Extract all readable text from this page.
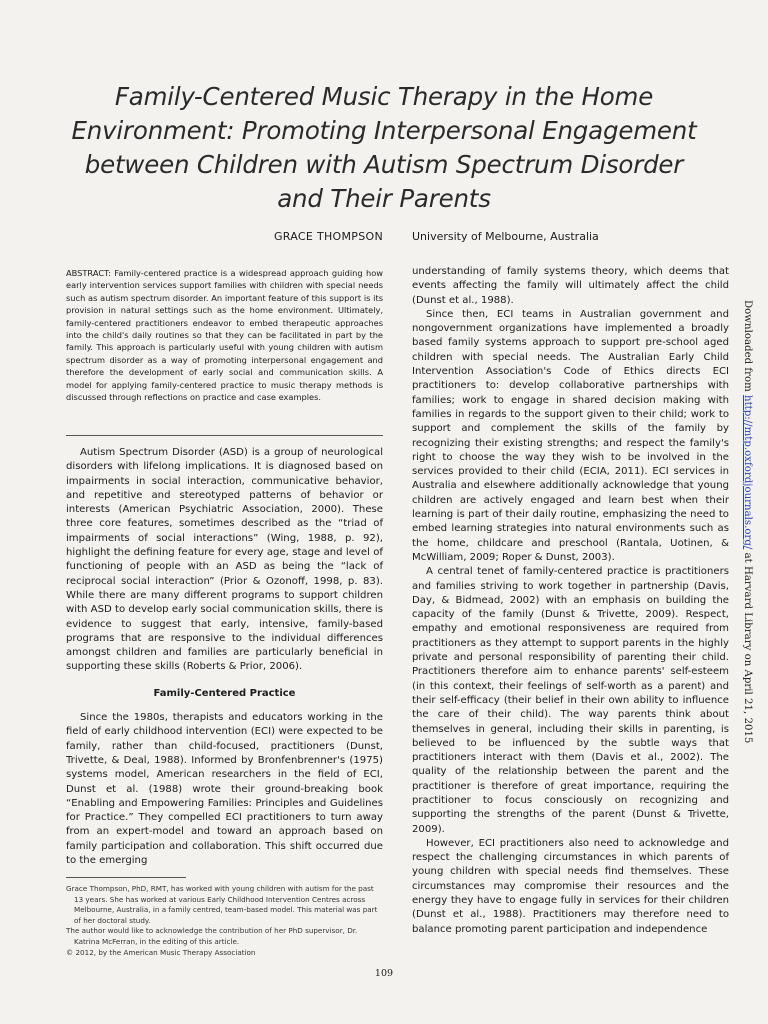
Family-Centered Music Therapy in the Home Environment: Promoting Interpersonal Engagement between Children with Autism Spectrum Disorder and Their Parents
GRACE THOMPSON	University of Melbourne, Australia

ABSTRACT: Family-centered practice is a widespread approach guiding how early intervention services support families with children with special needs such as autism spectrum disorder. An important feature of this support is its provision in natural settings such as the home environment. Ultimately, family-centered practitioners endeavor to embed therapeutic approaches into the child's daily routines so that they can be facilitated in part by the family. This approach is particularly useful with young children with autism spectrum disorder as a way of promoting interpersonal engagement and therefore the development of early social and communication skills. A model for applying family-centered practice to music therapy methods is discussed through reflections on practice and case examples.

Autism Spectrum Disorder (ASD) is a group of neurological disorders with lifelong implications. It is diagnosed based on impairments in social interaction, communicative behavior, and repetitive and stereotyped patterns of behavior or interests (American Psychiatric Association, 2000). These three core features, sometimes described as the “triad of impairments of social interactions” (Wing, 1988, p. 92), highlight the defining feature for every age, stage and level of functioning of people with an ASD as being the “lack of reciprocal social interaction” (Prior & Ozonoff, 1998, p. 83). While there are many different programs to support children with ASD to develop early social communication skills, there is evidence to suggest that early, intensive, family-based programs that are responsive to the individual differences amongst children and families are particularly beneficial in supporting these skills (Roberts & Prior, 2006).

Family-Centered Practice

Since the 1980s, therapists and educators working in the field of early childhood intervention (ECI) were expected to be family, rather than child-focused, practitioners (Dunst, Trivette, & Deal, 1988). Informed by Bronfenbrenner's (1975) systems model, American researchers in the field of ECI, Dunst et al. (1988) wrote their ground-breaking book “Enabling and Empowering Families: Principles and Guidelines for Practice.” They compelled ECI practitioners to turn away from an expert-model and toward an approach based on family participation and collaboration. This shift occurred due to the emerging

Grace Thompson, PhD, RMT, has worked with young children with autism for the past 13 years. She has worked at various Early Childhood Intervention Centres across Melbourne, Australia, in a family centred, team-based model. This material was part of her doctoral study.

The author would like to acknowledge the contribution of her PhD supervisor, Dr. Katrina McFerran, in the editing of this article.

© 2012, by the American Music Therapy Association

understanding of family systems theory, which deems that events affecting the family will ultimately affect the child (Dunst et al., 1988).

Since then, ECI teams in Australian government and nongovernment organizations have implemented a broadly based family systems approach to support pre-school aged children with special needs. The Australian Early Child Intervention Association's Code of Ethics directs ECI practitioners to: develop collaborative partnerships with families; work to engage in shared decision making with families in regards to the support given to their child; work to support and complement the skills of the family by recognizing their existing strengths; and respect the family's right to choose the way they wish to be involved in the services provided to their child (ECIA, 2011). ECI services in Australia and elsewhere additionally acknowledge that young children are actively engaged and learn best when their learning is part of their daily routine, emphasizing the need to embed learning strategies into natural environments such as the home, childcare and preschool (Rantala, Uotinen, & McWilliam, 2009; Roper & Dunst, 2003).

A central tenet of family-centered practice is practitioners and families striving to work together in partnership (Davis, Day, & Bidmead, 2002) with an emphasis on building the capacity of the family (Dunst & Trivette, 2009). Respect, empathy and emotional responsiveness are required from practitioners as they attempt to support parents in the highly private and personal responsibility of parenting their child. Practitioners therefore aim to enhance parents' self-esteem (in this context, their feelings of self-worth as a parent) and their self-efficacy (their belief in their own ability to influence the care of their child). The way parents think about themselves in general, including their skills in parenting, is believed to be influenced by the subtle ways that practitioners interact with them (Davis et al., 2002). The quality of the relationship between the parent and the practitioner is therefore of great importance, requiring the practitioner to focus consciously on recognizing and supporting the strengths of the parent (Dunst & Trivette, 2009).

However, ECI practitioners also need to acknowledge and respect the challenging circumstances in which parents of young children with special needs find themselves. These circumstances may compromise their resources and the energy they have to engage fully in services for their children (Dunst et al., 1988). Practitioners may therefore need to balance promoting parent participation and independence

109
Downloaded from http://mtp.oxfordjournals.org/ at Harvard Library on April 21, 2015
